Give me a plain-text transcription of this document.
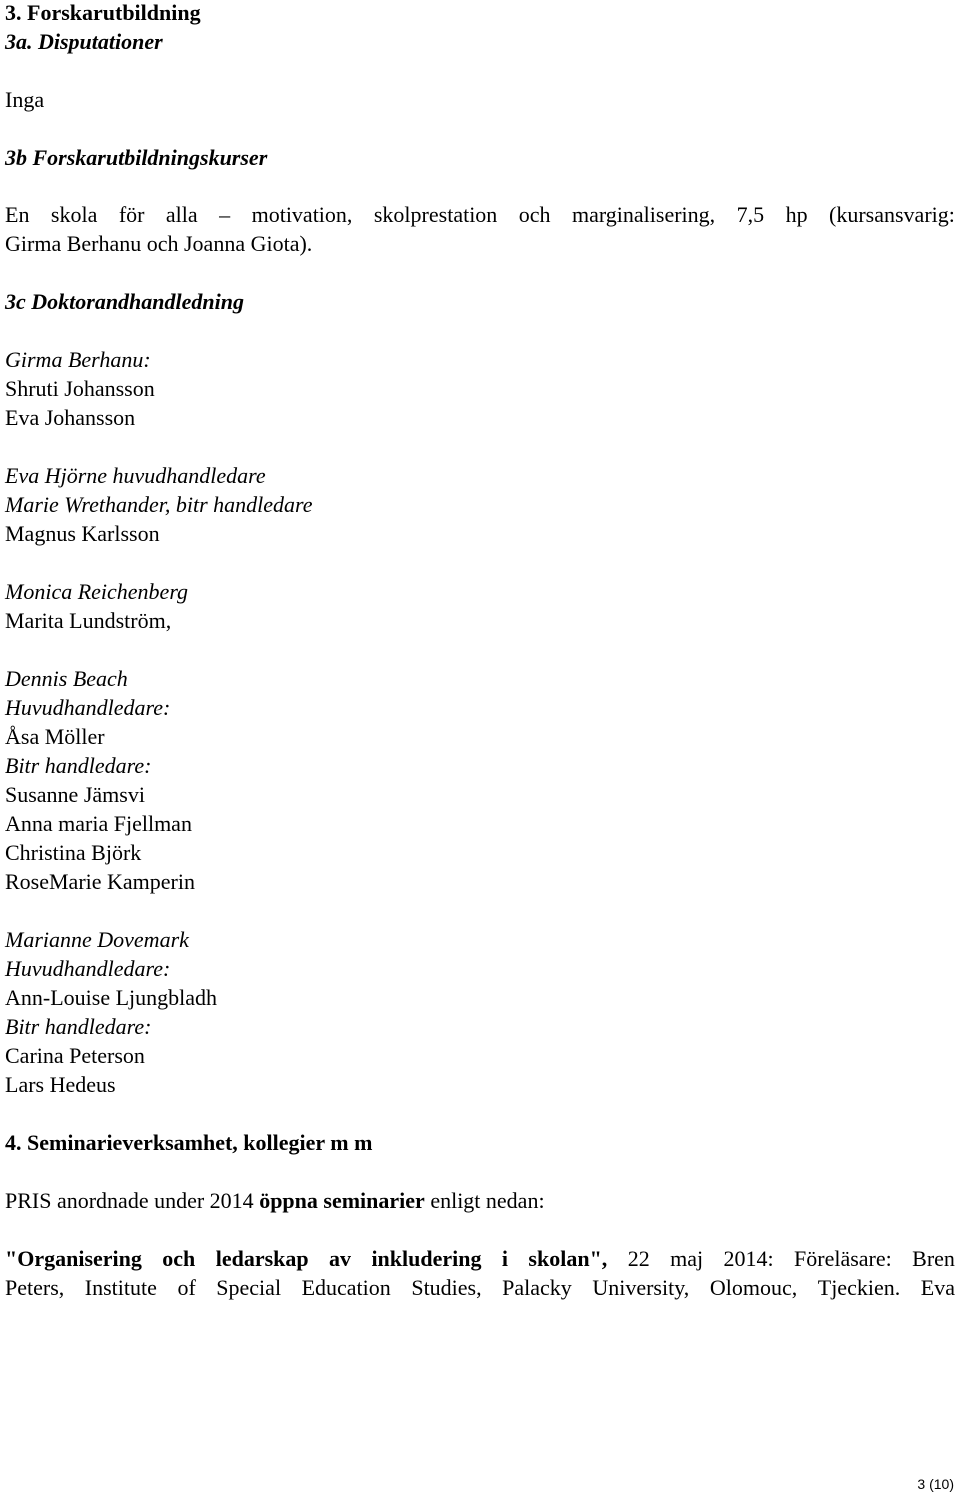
3. Forskarutbildning
3a. Disputationer
Inga
3b Forskarutbildningskurser
En skola för alla – motivation, skolprestation och marginalisering, 7,5 hp (kursansvarig:
Girma Berhanu och Joanna Giota).
3c Doktorandhandledning
Girma Berhanu:
Shruti Johansson
Eva Johansson
Eva Hjörne huvudhandledare
Marie Wrethander, bitr handledare
Magnus Karlsson
Monica Reichenberg
Marita Lundström,
Dennis Beach
Huvudhandledare:
Åsa Möller
Bitr handledare:
Susanne Jämsvi
Anna maria Fjellman
Christina Björk
RoseMarie Kamperin
Marianne Dovemark
Huvudhandledare:
Ann-Louise Ljungbladh
Bitr handledare:
Carina Peterson
Lars Hedeus
4. Seminarieverksamhet, kollegier m m
PRIS anordnade under 2014 öppna seminarier enligt nedan:
"Organisering och ledarskap av inkludering i skolan", 22 maj 2014: Föreläsare: Bren
Peters, Institute of Special Education Studies, Palacky University, Olomouc, Tjeckien. Eva
3 (10)
